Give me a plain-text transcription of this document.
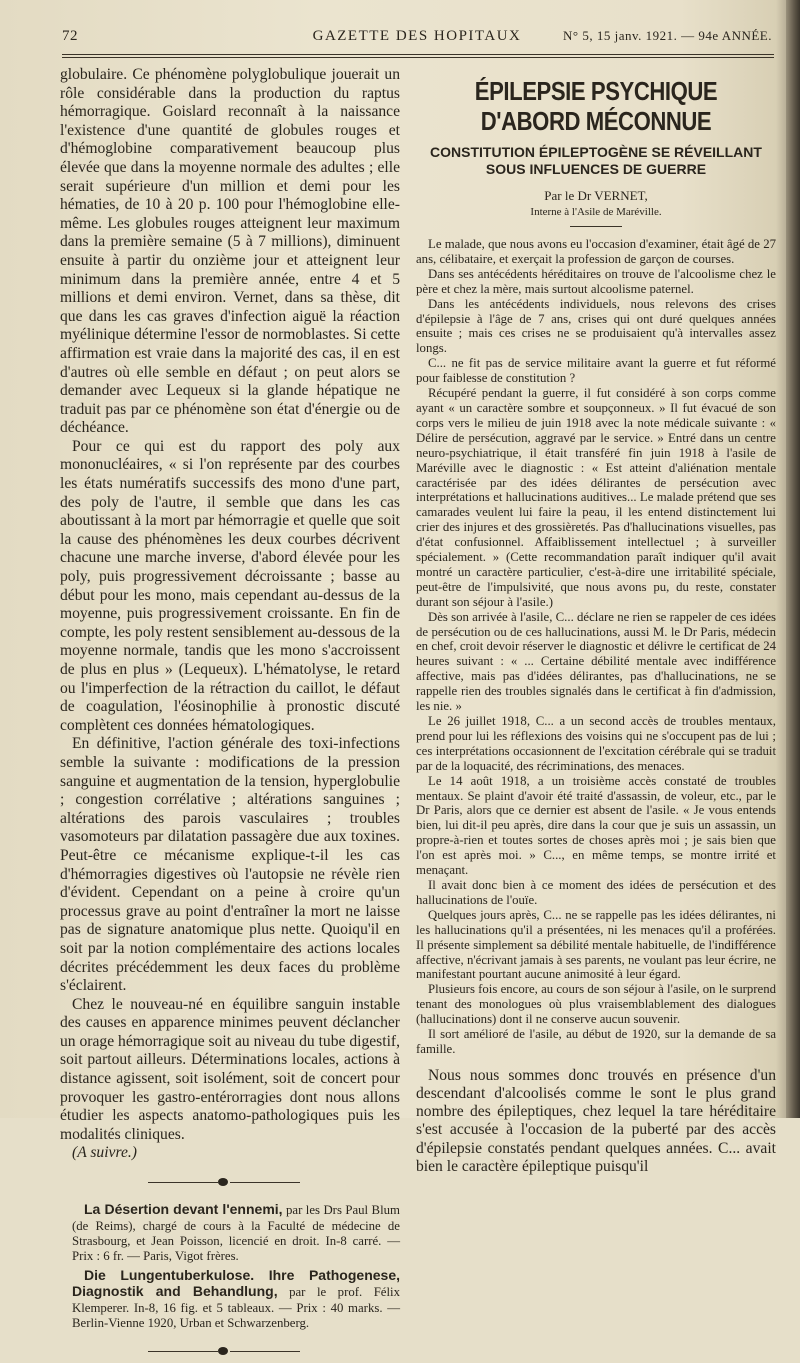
72	GAZETTE DES HOPITAUX	N° 5, 15 janv. 1921. — 94e ANNÉE.

globulaire. Ce phénomène polyglobulique jouerait un rôle considérable dans la production du raptus hémorragique. Goislard reconnaît à la naissance l'existence d'une quantité de globules rouges et d'hémoglobine comparativement beaucoup plus élevée que dans la moyenne normale des adultes ; elle serait supérieure d'un million et demi pour les hématies, de 10 à 20 p. 100 pour l'hémoglobine elle-même. Les globules rouges atteignent leur maximum dans la première semaine (5 à 7 millions), diminuent ensuite à partir du onzième jour et atteignent leur minimum dans la première année, entre 4 et 5 millions et demi environ. Vernet, dans sa thèse, dit que dans les cas graves d'infection aiguë la réaction myélinique détermine l'essor de normoblastes. Si cette affirmation est vraie dans la majorité des cas, il en est d'autres où elle semble en défaut ; on peut alors se demander avec Lequeux si la glande hépatique ne traduit pas par ce phénomène son état d'énergie ou de déchéance.

Pour ce qui est du rapport des poly aux mononucléaires, « si l'on représente par des courbes les états numératifs successifs des mono d'une part, des poly de l'autre, il semble que dans les cas aboutissant à la mort par hémorragie et quelle que soit la cause des phénomènes les deux courbes décrivent chacune une marche inverse, d'abord élevée pour les poly, puis progressivement décroissante ; basse au début pour les mono, mais cependant au-dessus de la moyenne, puis progressivement croissante. En fin de compte, les poly restent sensiblement au-dessous de la moyenne normale, tandis que les mono s'accroissent de plus en plus » (Lequeux). L'hématolyse, le retard ou l'imperfection de la rétraction du caillot, le défaut de coagulation, l'éosinophilie à pronostic discuté complètent ces données hématologiques.

En définitive, l'action générale des toxi-infections semble la suivante : modifications de la pression sanguine et augmentation de la tension, hyperglobulie ; congestion corrélative ; altérations sanguines ; altérations des parois vasculaires ; troubles vasomoteurs par dilatation passagère due aux toxines. Peut-être ce mécanisme explique-t-il les cas d'hémorragies digestives où l'autopsie ne révèle rien d'évident. Cependant on a peine à croire qu'un processus grave au point d'entraîner la mort ne laisse pas de signature anatomique plus nette. Quoiqu'il en soit par la notion complémentaire des actions locales décrites précédemment les deux faces du problème s'éclairent.

Chez le nouveau-né en équilibre sanguin instable des causes en apparence minimes peuvent déclancher un orage hémorragique soit au niveau du tube digestif, soit partout ailleurs. Déterminations locales, actions à distance agissent, soit isolément, soit de concert pour provoquer les gastro-entérorragies dont nous allons étudier les aspects anatomo-pathologiques puis les modalités cliniques.

(A suivre.)

La Désertion devant l'ennemi, par les Drs Paul Blum (de Reims), chargé de cours à la Faculté de médecine de Strasbourg, et Jean Poisson, licencié en droit. In-8 carré. — Prix : 6 fr. — Paris, Vigot frères.

Die Lungentuberkulose. Ihre Pathogenese, Diagnostik and Behandlung, par le prof. Félix Klemperer. In-8, 16 fig. et 5 tableaux. — Prix : 40 marks. — Berlin-Vienne 1920, Urban et Schwarzenberg.

ÉPILEPSIE PSYCHIQUE D'ABORD MÉCONNUE
CONSTITUTION ÉPILEPTOGÈNE SE RÉVEILLANT SOUS INFLUENCES DE GUERRE
Par le Dr VERNET,
Interne à l'Asile de Maréville.

Le malade, que nous avons eu l'occasion d'examiner, était âgé de 27 ans, célibataire, et exerçait la profession de garçon de courses.

Dans ses antécédents héréditaires on trouve de l'alcoolisme chez le père et chez la mère, mais surtout alcoolisme paternel.

Dans les antécédents individuels, nous relevons des crises d'épilepsie à l'âge de 7 ans, crises qui ont duré quelques années ensuite ; mais ces crises ne se produisaient qu'à intervalles assez longs.

C... ne fit pas de service militaire avant la guerre et fut réformé pour faiblesse de constitution ?

Récupéré pendant la guerre, il fut considéré à son corps comme ayant « un caractère sombre et soupçonneux. » Il fut évacué de son corps vers le milieu de juin 1918 avec la note médicale suivante : « Délire de persécution, aggravé par le service. » Entré dans un centre neuro-psychiatrique, il était transféré fin juin 1918 à l'asile de Maréville avec le diagnostic : « Est atteint d'aliénation mentale caractérisée par des idées délirantes de persécution avec interprétations et hallucinations auditives... Le malade prétend que ses camarades veulent lui faire la peau, il les entend distinctement lui crier des injures et des grossièretés. Pas d'hallucinations visuelles, pas d'état confusionnel. Affaiblissement intellectuel ; à surveiller spécialement. » (Cette recommandation paraît indiquer qu'il avait montré un caractère particulier, c'est-à-dire une irritabilité spéciale, peut-être de l'impulsivité, que nous avons pu, du reste, constater durant son séjour à l'asile.)

Dès son arrivée à l'asile, C... déclare ne rien se rappeler de ces idées de persécution ou de ces hallucinations, aussi M. le Dr Paris, médecin en chef, croit devoir réserver le diagnostic et délivre le certificat de 24 heures suivant : « ... Certaine débilité mentale avec indifférence affective, mais pas d'idées délirantes, pas d'hallucinations, ne se rappelle rien des troubles signalés dans le certificat à fin d'admission, les nie. »

Le 26 juillet 1918, C... a un second accès de troubles mentaux, prend pour lui les réflexions des voisins qui ne s'occupent pas de lui ; ces interprétations occasionnent de l'excitation cérébrale qui se traduit par de la loquacité, des récriminations, des menaces.

Le 14 août 1918, a un troisième accès constaté de troubles mentaux. Se plaint d'avoir été traité d'assassin, de voleur, etc., par le Dr Paris, alors que ce dernier est absent de l'asile. « Je vous entends bien, lui dit-il peu après, dire dans la cour que je suis un assassin, un propre-à-rien et toutes sortes de choses après moi ; je sais bien que l'on est après moi. » C..., en même temps, se montre irrité et menaçant.

Il avait donc bien à ce moment des idées de persécution et des hallucinations de l'ouïe.

Quelques jours après, C... ne se rappelle pas les idées délirantes, ni les hallucinations qu'il a présentées, ni les menaces qu'il a proférées. Il présente simplement sa débilité mentale habituelle, de l'indifférence affective, n'écrivant jamais à ses parents, ne voulant pas leur écrire, ne manifestant pourtant aucune animosité à leur égard.

Plusieurs fois encore, au cours de son séjour à l'asile, on le surprend tenant des monologues où plus vraisemblablement des dialogues (hallucinations) dont il ne conserve aucun souvenir.

Il sort amélioré de l'asile, au début de 1920, sur la demande de sa famille.

Nous nous sommes donc trouvés en présence d'un descendant d'alcoolisés comme le sont le plus grand nombre des épileptiques, chez lequel la tare héréditaire s'est accusée à l'occasion de la puberté par des accès d'épilepsie constatés pendant quelques années. C... avait bien le caractère épileptique puisqu'il
